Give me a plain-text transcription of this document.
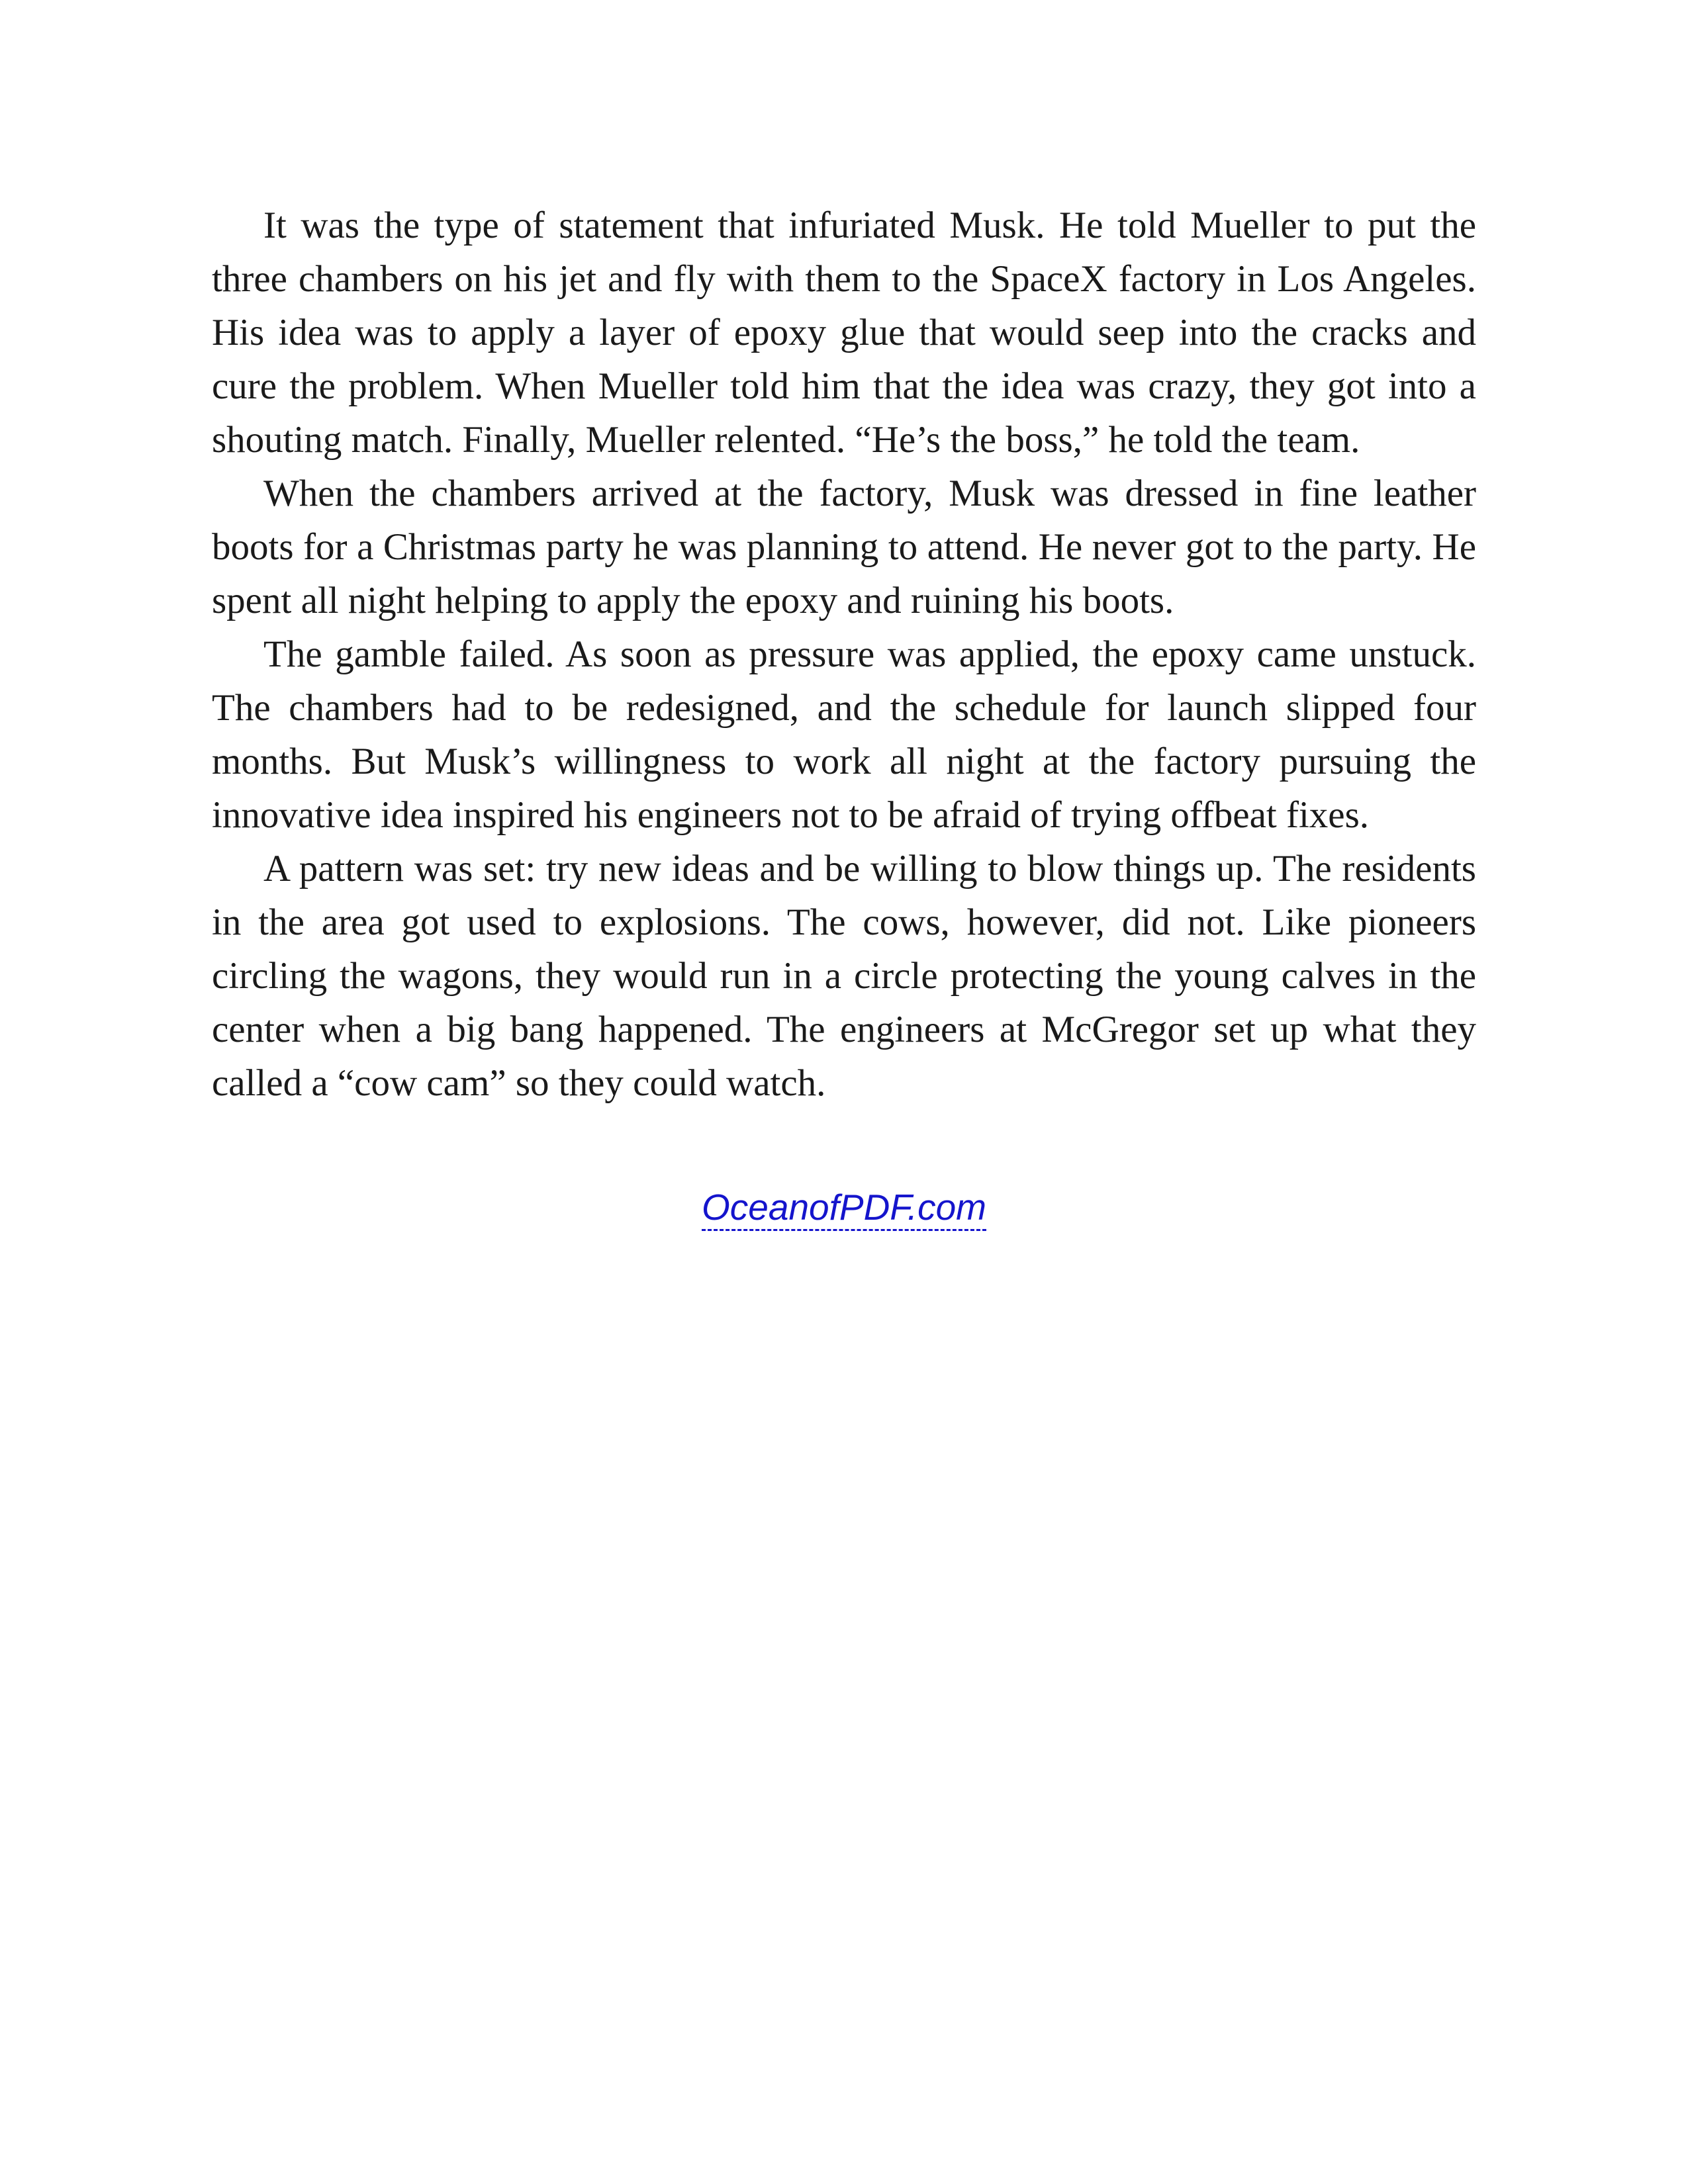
It was the type of statement that infuriated Musk. He told Mueller to put the three chambers on his jet and fly with them to the SpaceX factory in Los Angeles. His idea was to apply a layer of epoxy glue that would seep into the cracks and cure the problem. When Mueller told him that the idea was crazy, they got into a shouting match. Finally, Mueller relented. “He’s the boss,” he told the team.

When the chambers arrived at the factory, Musk was dressed in fine leather boots for a Christmas party he was planning to attend. He never got to the party. He spent all night helping to apply the epoxy and ruining his boots.

The gamble failed. As soon as pressure was applied, the epoxy came unstuck. The chambers had to be redesigned, and the schedule for launch slipped four months. But Musk’s willingness to work all night at the factory pursuing the innovative idea inspired his engineers not to be afraid of trying offbeat fixes.

A pattern was set: try new ideas and be willing to blow things up. The residents in the area got used to explosions. The cows, however, did not. Like pioneers circling the wagons, they would run in a circle protecting the young calves in the center when a big bang happened. The engineers at McGregor set up what they called a “cow cam” so they could watch.

OceanofPDF.com
